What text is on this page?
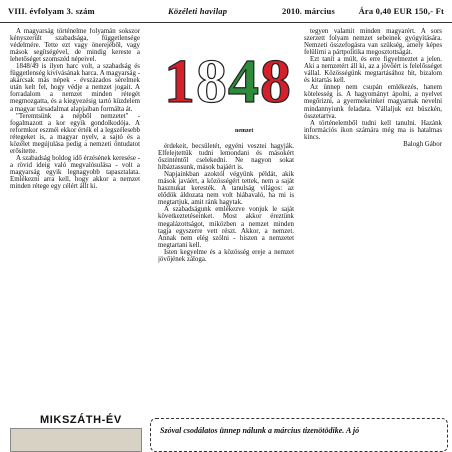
VIII. évfolyam 3. szám	Közéleti havilap	2010. március	Ára 0,40 EUR 150,- Ft

A magyarság történelme folyamán sokszor kényszerült szabadsága, függetlensége védelmére. Tette ezt vagy önerejéből, vagy mások segítségével, de mindig kereste a lehetőséget szomszéd népeivel.

1848/49 is ilyen harc volt, a szabadság és függetlenség kivívásának harca. A magyarság - akárcsak más népek - évszázados sérelmek után kelt fel, hogy védje a nemzet jogait. A forradalom a nemzet minden rétegét megmozgatta, és a kiegyezésig tartó küzdelem a magyar társadalmat alapjaiban formálta át.

"Teremtsünk a népből nemzetet" - fogalmazott a kor egyik gondolkodója. A reformkor eszméi ekkor érték el a legszélesebb rétegeket is, a magyar nyelv, a sajtó és a közélet megújulása pedig a nemzeti öntudatot erősítette.

A szabadság boldog idő érzésének keresése - a rövid ideig való megvalósulása - volt a magyarság egyik legnagyobb tapasztalata. Emlékezni arra kell, hogy akkor a nemzet minden rétege egy célért állt ki.

1 8 4 8
nemzet

érdekeit, becsületét, egyéni vesztei hagyják. Elfelejtettük tudni lemondani és másokért őszinténtől cselekedni. Ne nagyon sokat hibáztassunk, mások bajáért is.

Napjainkban azoktól végyünk példát, akik mások javáért, a közösségért tettek, nem a saját hasznukat keresték. A tanulság világos: az elődök áldozata nem volt hiábavaló, ha mi is megtartjuk, amit ránk hagytak.

A szabadságunk emlékezve vonjuk le saját következtetéseinket. Most akkor éreztünk megalázottságot, miközben a nemzet minden tagja egyszerre vett részt. Akkor, a nemzet. Annak nem elég szólni - hiszen a nemzetet megtartani kell.

Isten kegyelme és a közösség ereje a nemzet jövőjének záloga.

tegyen valamit minden magyarért. A sors szerzett folyam nemzet sebeinek gyógyítására. Nemzeti összefogásra van szükség, amely képes felülírni a pártpolitika megosztottságát.

Ezt tanít a múlt, és erre figyelmeztet a jelen. Aki a nemzetért áll ki, az a jövőért is felelősséget vállal. Közösségünk megtartásához hit, bizalom és kitartás kell.

Az ünnep nem csupán emlékezés, hanem kötelesség is. A hagyományt ápolni, a nyelvet megőrizni, a gyermekeinket magyarnak nevelni mindannyiunk feladata. Vállaljuk ezt büszkén, összetartva.

A történelemből tudni kell tanulni. Hazánk információs ikon számára még ma is hatalmas kincs.

Balogh Gábor

MIKSZÁTH-ÉV
Szóval csodálatos ünnep nálunk a március tizenötödike. A jó
